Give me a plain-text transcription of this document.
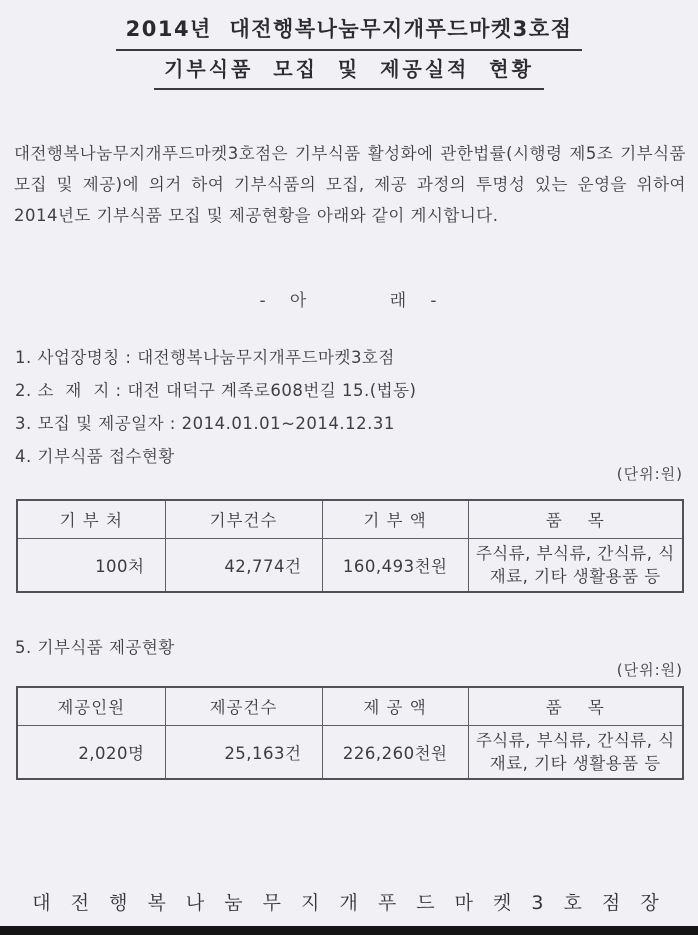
2014년  대전행복나눔무지개푸드마켓3호점
기부식품  모집  및  제공실적  현황

대전행복나눔무지개푸드마켓3호점은 기부식품 활성화에 관한법률(시행령 제5조 기부식품 모집 및 제공)에 의거 하여 기부식품의 모집, 제공 과정의 투명성 있는 운영을 위하여 2014년도 기부식품 모집 및 제공현황을 아래와 같이 게시합니다.

-   아           래   -
1. 사업장명칭 : 대전행복나눔무지개푸드마켓3호점
2. 소  재  지 : 대전 대덕구 계족로608번길 15.(법동)
3. 모집 및 제공일자 : 2014.01.01~2014.12.31
4. 기부식품 접수현황
(단위:원)
기 부 처	기부건수	기 부 액	품    목
100처	42,774건	160,493천원	주식류, 부식류, 간식류, 식재료, 기타 생활용품 등
5. 기부식품 제공현황
(단위:원)
제공인원	제공건수	제 공 액	품    목
2,020명	25,163건	226,260천원	주식류, 부식류, 간식류, 식재료, 기타 생활용품 등
대 전 행 복 나 눔 무 지 개 푸 드 마 켓 3 호 점 장
